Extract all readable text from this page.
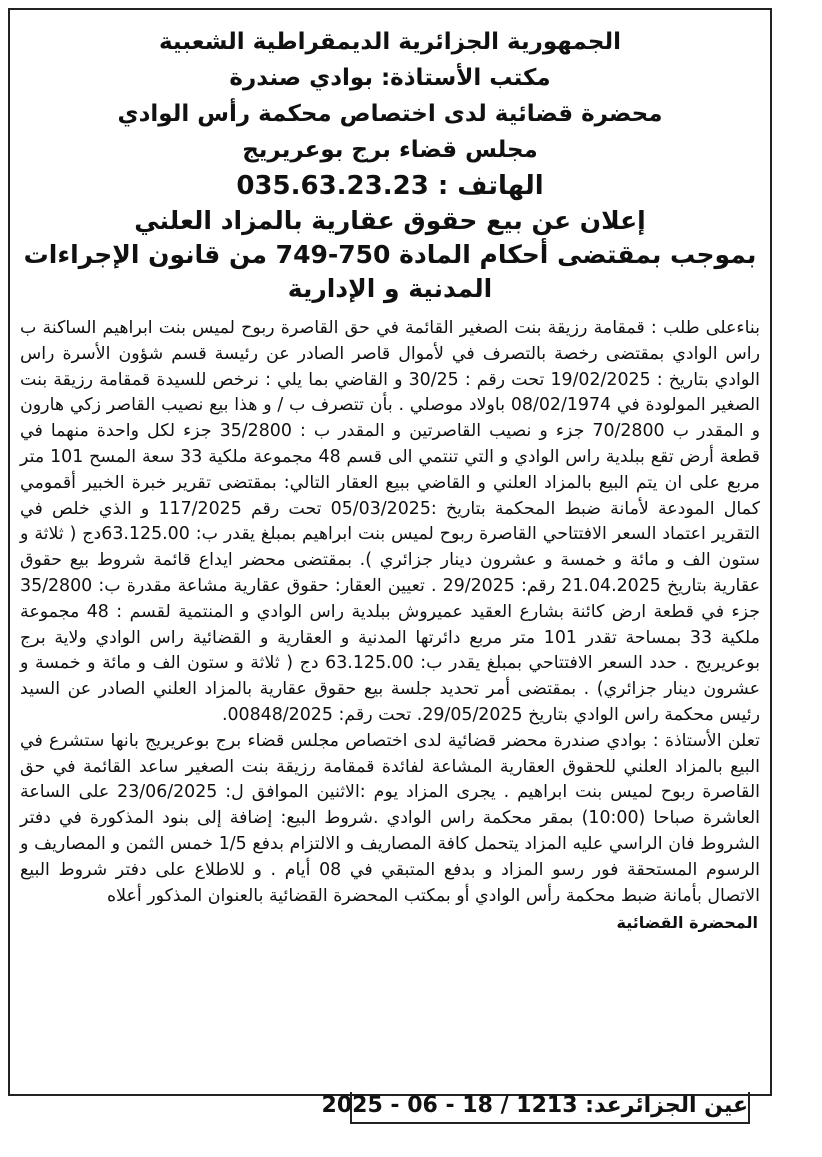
الجمهورية الجزائرية الديمقراطية الشعبية
مكتب الأستاذة: بوادي صندرة
محضرة قضائية لدى اختصاص محكمة رأس الوادي
مجلس قضاء برج بوعريريج
الهاتف : 035.63.23.23
إعلان عن بيع حقوق عقارية بالمزاد العلني
بموجب بمقتضى أحكام المادة 750-749 من قانون الإجراءات
المدنية و الإدارية

بناءعلى طلب : قمقامة رزيقة بنت الصغير القائمة في حق القاصرة ربوح لميس بنت ابراهيم الساكنة ب راس الوادي بمقتضى رخصة بالتصرف في لأموال قاصر الصادر عن رئيسة قسم شؤون الأسرة راس الوادي بتاريخ : 19/02/2025 تحت رقم : 30/25 و القاضي بما يلي : نرخص للسيدة قمقامة رزيقة بنت الصغير المولودة في 08/02/1974 باولاد موصلي . بأن تتصرف ب / و هذا بيع نصيب القاصر زكي هارون و المقدر ب 70/2800 جزء و نصيب القاصرتين و المقدر ب : 35/2800 جزء لكل واحدة منهما في قطعة أرض تقع ببلدية راس الوادي و التي تنتمي الى قسم 48 مجموعة ملكية 33 سعة المسح 101 متر مربع على ان يتم البيع بالمزاد العلني و القاضي ببيع العقار التالي: بمقتضى تقرير خبرة الخبير أقمومي كمال المودعة لأمانة ضبط المحكمة بتاريخ :05/03/2025 تحت رقم 117/2025 و الذي خلص في التقرير اعتماد السعر الافتتاحي القاصرة ربوح لميس بنت ابراهيم بمبلغ يقدر ب: 63.125.00دج ( ثلاثة و ستون الف و مائة و خمسة و عشرون دينار جزائري ). بمقتضى محضر ايداع قائمة شروط بيع حقوق عقارية بتاريخ 21.04.2025 رقم: 29/2025 . تعيين العقار: حقوق عقارية مشاعة مقدرة ب: 35/2800 جزء في قطعة ارض كائنة بشارع العقيد عميروش ببلدية راس الوادي و المنتمية لقسم : 48 مجموعة ملكية 33 بمساحة تقدر 101 متر مربع دائرتها المدنية و العقارية و القضائية راس الوادي ولاية برج بوعريريج . حدد السعر الافتتاحي بمبلغ يقدر ب: 63.125.00 دج ( ثلاثة و ستون الف و مائة و خمسة و عشرون دينار جزائري) . بمقتضى أمر تحديد جلسة بيع حقوق عقارية بالمزاد العلني الصادر عن السيد رئيس محكمة راس الوادي بتاريخ 29/05/2025. تحت رقم: 00848/2025.

تعلن الأستاذة : بوادي صندرة محضر قضائية لدى اختصاص مجلس قضاء برج بوعريريج بانها ستشرع في البيع بالمزاد العلني للحقوق العقارية المشاعة لفائدة قمقامة رزيقة بنت الصغير ساعد القائمة في حق القاصرة ربوح لميس بنت ابراهيم . يجرى المزاد يوم :الاثنين الموافق ل: 23/06/2025 على الساعة العاشرة صباحا (10:00) بمقر محكمة راس الوادي .شروط البيع: إضافة إلى بنود المذكورة في دفتر الشروط فان الراسي عليه المزاد يتحمل كافة المصاريف و الالتزام بدفع 1/5 خمس الثمن و المصاريف و الرسوم المستحقة فور رسو المزاد و بدفع المتبقي في 08 أيام . و للاطلاع على دفتر شروط البيع الاتصال بأمانة ضبط محكمة رأس الوادي أو بمكتب المحضرة القضائية بالعنوان المذكور أعلاه

المحضرة القضائية
عين الجزائرعد: 1213 / 18 - 06 - 2025
